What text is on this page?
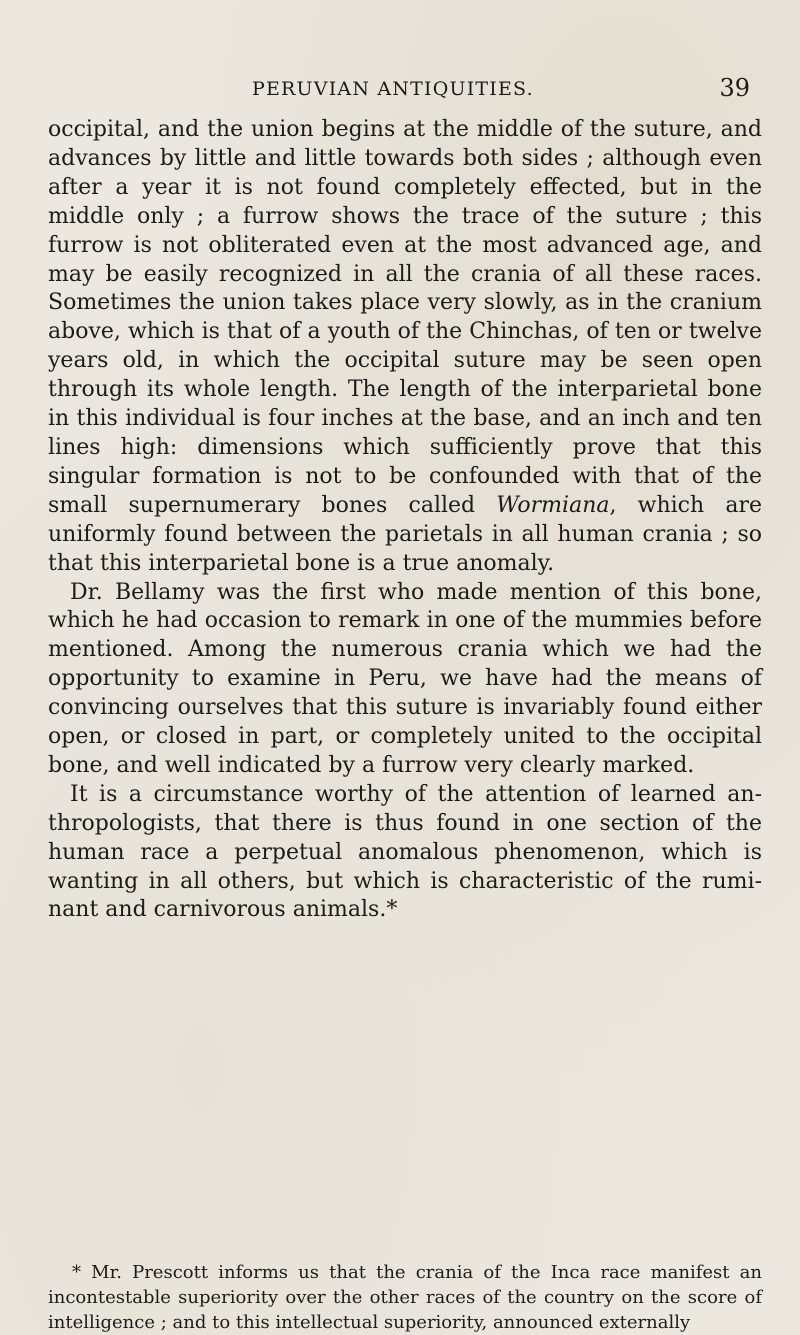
PERUVIAN ANTIQUITIES.	39

occipital, and the union begins at the middle of the suture, and advances by little and little towards both sides ; although even after a year it is not found completely effected, but in the middle only ; a furrow shows the trace of the suture ; this furrow is not obliterated even at the most advanced age, and may be easily recognized in all the crania of all these races. Sometimes the union takes place very slowly, as in the cranium above, which is that of a youth of the Chinchas, of ten or twelve years old, in which the occipital suture may be seen open through its whole length. The length of the interparietal bone in this individual is four inches at the base, and an inch and ten lines high: dimensions which sufficiently prove that this singular formation is not to be confounded with that of the small supernumerary bones called Wormiana, which are uniformly found between the parietals in all human crania ; so that this interparietal bone is a true anomaly.

Dr. Bellamy was the first who made mention of this bone, which he had occasion to remark in one of the mummies before mentioned. Among the numerous crania which we had the opportunity to examine in Peru, we have had the means of convincing ourselves that this suture is invariably found either open, or closed in part, or completely united to the occipital bone, and well indicated by a furrow very clearly marked.

It is a circumstance worthy of the attention of learned anthropologists, that there is thus found in one section of the human race a perpetual anomalous phenomenon, which is wanting in all others, but which is characteristic of the ruminant and carnivorous animals.*

* Mr. Prescott informs us that the crania of the Inca race manifest an incontestable superiority over the other races of the country on the score of intelligence ; and to this intellectual superiority, announced externally
